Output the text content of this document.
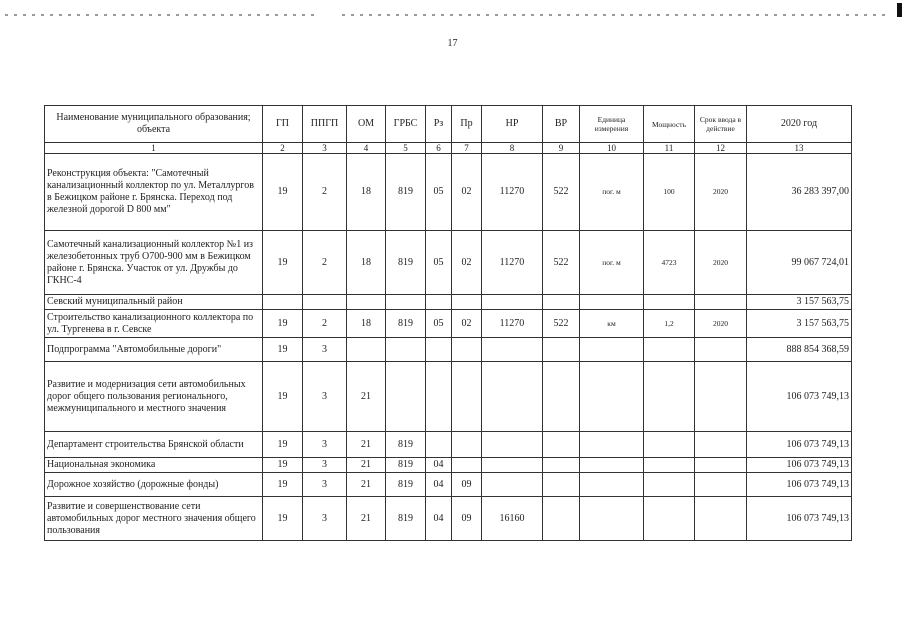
17
Наименование муниципального образования; объекта	ГП	ППГП	ОМ	ГРБС	Рз	Пр	НР	ВР	Единица измерения	Мощность	Срок ввода в действие	2020 год
1	2	3	4	5	6	7	8	9	10	11	12	13
Реконструкция объекта: "Самотечный канализационный коллектор по ул. Металлургов в Бежицком районе г. Брянска. Переход под железной дорогой D 800 мм"	19	2	18	819	05	02	11270	522	пог. м	100	2020	36 283 397,00
Самотечный канализационный коллектор №1 из железобетонных труб О700-900 мм в Бежицком районе г. Брянска. Участок от ул. Дружбы до ГКНС-4	19	2	18	819	05	02	11270	522	пог. м	4723	2020	99 067 724,01
Севский муниципальный район												3 157 563,75
Строительство канализационного коллектора по ул. Тургенева в г. Севске	19	2	18	819	05	02	11270	522	км	1,2	2020	3 157 563,75
Подпрограмма "Автомобильные дороги"	19	3										888 854 368,59
Развитие и модернизация сети автомобильных дорог общего пользования регионального, межмуниципального и местного значения	19	3	21									106 073 749,13
Департамент строительства Брянской области	19	3	21	819								106 073 749,13
Национальная экономика	19	3	21	819	04							106 073 749,13
Дорожное хозяйство (дорожные фонды)	19	3	21	819	04	09						106 073 749,13
Развитие и совершенствование сети автомобильных дорог местного значения общего пользования	19	3	21	819	04	09	16160					106 073 749,13
